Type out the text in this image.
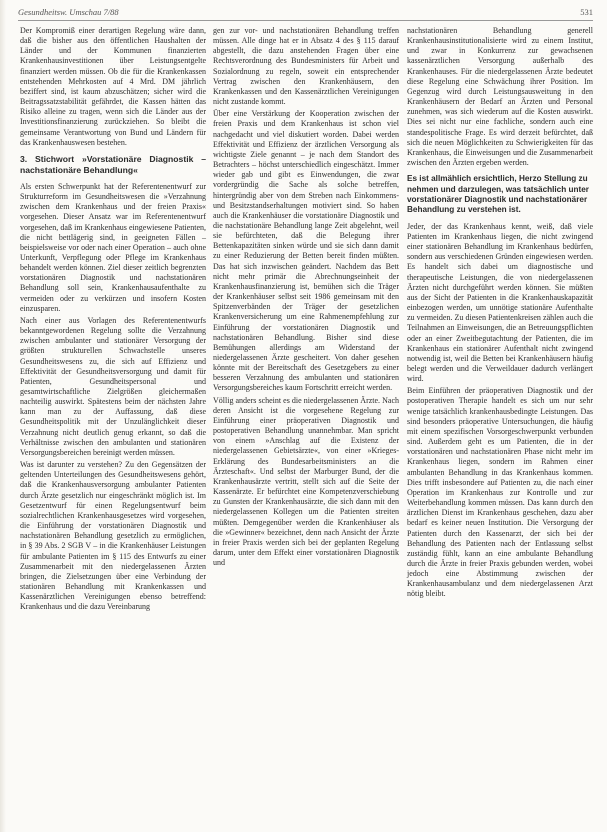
Gesundheitsw. Umschau 7/88	531

Der Kompromiß einer derartigen Regelung wäre dann, daß die bisher aus den öffentlichen Haushalten der Länder und der Kommunen finanzierten Krankenhausinvestitionen über Leistungsentgelte finanziert werden müssen. Ob die für die Krankenkassen entstehenden Mehrkosten auf 4 Mrd. DM jährlich beziffert sind, ist kaum abzuschätzen; sicher wird die Beitragssatzstabilität gefährdet, die Kassen hätten das Risiko alleine zu tragen, wenn sich die Länder aus der Investitionsfinanzierung zurückziehen. So bleibt die gemeinsame Verantwortung von Bund und Ländern für das Krankenhauswesen bestehen.

3. Stichwort »Vorstationäre Diagnostik – nachstationäre Behandlung«

Als ersten Schwerpunkt hat der Referentenentwurf zur Strukturreform im Gesundheitswesen die »Verzahnung zwischen dem Krankenhaus und der freien Praxis« vorgesehen. Dieser Ansatz war im Referentenentwurf vorgesehen, daß im Krankenhaus eingewiesene Patienten, die nicht bettlägerig sind, in geeigneten Fällen – beispielsweise vor oder nach einer Operation – auch ohne Unterkunft, Verpflegung oder Pflege im Krankenhaus behandelt werden können. Ziel dieser zeitlich begrenzten vorstationären Diagnostik und nachstationären Behandlung soll sein, Krankenhausaufenthalte zu vermeiden oder zu verkürzen und insofern Kosten einzusparen.

Nach einer aus Vorlagen des Referentenentwurfs bekanntgewordenen Regelung sollte die Verzahnung zwischen ambulanter und stationärer Versorgung der größten strukturellen Schwachstelle unseres Gesundheitswesens zu, die sich auf Effizienz und Effektivität der Gesundheitsversorgung und damit für Patienten, Gesundheitspersonal und gesamtwirtschaftliche Zielgrößen gleichermaßen nachteilig auswirkt. Spätestens beim der nächsten Jahre kann man zu der Auffassung, daß diese Gesundheitspolitik mit der Unzulänglichkeit dieser Verzahnung nicht deutlich genug erkannt, so daß die Verhältnisse zwischen den ambulanten und stationären Versorgungsbereichen bereinigt werden müssen.

Was ist darunter zu verstehen? Zu den Gegensätzen der geltenden Unterteilungen des Gesundheitswesens gehört, daß die Krankenhausversorgung ambulanter Patienten durch Ärzte gesetzlich nur eingeschränkt möglich ist. Im Gesetzentwurf für einen Regelungsentwurf beim sozialrechtlichen Krankenhausgesetzes wird vorgesehen, die Einführung der vorstationären Diagnostik und nachstationären Behandlung gesetzlich zu ermöglichen, in § 39 Abs. 2 SGB V – in die Krankenhäuser Leistungen für ambulante Patienten im § 115 des Entwurfs zu einer Zusammenarbeit mit den niedergelassenen Ärzten bringen, die Zielsetzungen über eine Verbindung der stationären Behandlung mit Krankenkassen und Kassenärztlichen Vereinigungen ebenso betreffend: Krankenhaus und die dazu Vereinbarung

gen zur vor- und nachstationären Behandlung treffen müssen. Alle dinge hat er in Absatz 4 des § 115 darauf abgestellt, die dazu anstehenden Fragen über eine Rechtsverordnung des Bundesministers für Arbeit und Sozialordnung zu regeln, soweit ein entsprechender Vertrag zwischen den Krankenhäusern, den Krankenkassen und den Kassenärztlichen Vereinigungen nicht zustande kommt.

Über eine Verstärkung der Kooperation zwischen der freien Praxis und dem Krankenhaus ist schon viel nachgedacht und viel diskutiert worden. Dabei werden Effektivität und Effizienz der ärztlichen Versorgung als wichtigste Ziele genannt – je nach dem Standort des Betrachters – höchst unterschiedlich eingeschätzt. Immer wieder gab und gibt es Einwendungen, die zwar vordergründig die Sache als solche betreffen, hintergründig aber von dem Streben nach Einkommens- und Besitzstandserhaltungen motiviert sind. So haben auch die Krankenhäuser die vorstationäre Diagnostik und die nachstationäre Behandlung lange Zeit abgelehnt, weil sie befürchteten, daß die Belegung ihrer Bettenkapazitäten sinken würde und sie sich dann damit zu einer Reduzierung der Betten bereit finden müßten. Das hat sich inzwischen geändert. Nachdem das Bett nicht mehr primär die Abrechnungseinheit der Krankenhausfinanzierung ist, bemühen sich die Träger der Krankenhäuser selbst seit 1986 gemeinsam mit den Spitzenverbänden der Träger der gesetzlichen Krankenversicherung um eine Rahmenempfehlung zur Einführung der vorstationären Diagnostik und nachstationären Behandlung. Bisher sind diese Bemühungen allerdings am Widerstand der niedergelassenen Ärzte gescheitert. Von daher gesehen könnte mit der Bereitschaft des Gesetzgebers zu einer besseren Verzahnung des ambulanten und stationären Versorgungsbereiches kaum Fortschritt erreicht werden.

Völlig anders scheint es die niedergelassenen Ärzte. Nach deren Ansicht ist die vorgesehene Regelung zur Einführung einer präoperativen Diagnostik und postoperativen Behandlung unannehmbar. Man spricht von einem »Anschlag auf die Existenz der niedergelassenen Gebietsärzte«, von einer »Krieges-Erklärung des Bundesarbeitsministers an die Ärzteschaft«. Und selbst der Marburger Bund, der die Krankenhausärzte vertritt, stellt sich auf die Seite der Kassenärzte. Er befürchtet eine Kompetenzverschiebung zu Gunsten der Krankenhausärzte, die sich dann mit den niedergelassenen Kollegen um die Patienten streiten müßten. Demgegenüber werden die Krankenhäuser als die »Gewinner« bezeichnet, denn nach Ansicht der Ärzte in freier Praxis werden sich bei der geplanten Regelung darum, unter dem Effekt einer vorstationären Diagnostik und

nachstationären Behandlung generell Krankenhausinstitutionalisierte wird zu einem Institut, und zwar in Konkurrenz zur gewachsenen kassenärztlichen Versorgung außerhalb des Krankenhauses. Für die niedergelassenen Ärzte bedeutet diese Regelung eine Schwächung ihrer Position. Im Gegenzug wird durch Leistungsausweitung in den Krankenhäusern der Bedarf an Ärzten und Personal zunehmen, was sich wiederum auf die Kosten auswirkt. Dies sei nicht nur eine fachliche, sondern auch eine standespolitische Frage. Es wird derzeit befürchtet, daß sich die neuen Möglichkeiten zu Schwierigkeiten für das Krankenhaus, die Einweisungen und die Zusammenarbeit zwischen den Ärzten ergeben werden.

Es ist allmählich ersichtlich, Herzo Stellung zu nehmen und darzulegen, was tatsächlich unter vorstationärer Diagnostik und nachstationärer Behandlung zu verstehen ist.

Jeder, der das Krankenhaus kennt, weiß, daß viele Patienten im Krankenhaus liegen, die nicht zwingend einer stationären Behandlung im Krankenhaus bedürfen, sondern aus verschiedenen Gründen eingewiesen werden. Es handelt sich dabei um diagnostische und therapeutische Leistungen, die von niedergelassenen Ärzten nicht durchgeführt werden können. Sie müßten aus der Sicht der Patienten in die Krankenhauskapazität einbezogen werden, um unnötige stationäre Aufenthalte zu vermeiden. Zu diesen Patientenkreisen zählen auch die Teilnahmen an Einweisungen, die an Betreuungspflichten oder an einer Zweitbegutachtung der Patienten, die im Krankenhaus ein stationärer Aufenthalt nicht zwingend notwendig ist, weil die Betten bei Krankenhäusern häufig belegt werden und die Verweildauer dadurch verlängert wird.

Beim Einführen der präoperativen Diagnostik und der postoperativen Therapie handelt es sich um nur sehr wenige tatsächlich krankenhausbedingte Leistungen. Das sind besonders präoperative Untersuchungen, die häufig mit einem spezifischen Vorsorgeschwerpunkt verbunden sind. Außerdem geht es um Patienten, die in der vorstationären und nachstationären Phase nicht mehr im Krankenhaus liegen, sondern im Rahmen einer ambulanten Behandlung in das Krankenhaus kommen. Dies trifft insbesondere auf Patienten zu, die nach einer Operation im Krankenhaus zur Kontrolle und zur Weiterbehandlung kommen müssen. Das kann durch den ärztlichen Dienst im Krankenhaus geschehen, dazu aber bedarf es keiner neuen Institution. Die Versorgung der Patienten durch den Kassenarzt, der sich bei der Behandlung des Patienten nach der Entlassung selbst zuständig fühlt, kann an eine ambulante Behandlung durch die Ärzte in freier Praxis gebunden werden, wobei jedoch eine Abstimmung zwischen der Krankenhausambulanz und dem niedergelassenen Arzt nötig bleibt.
